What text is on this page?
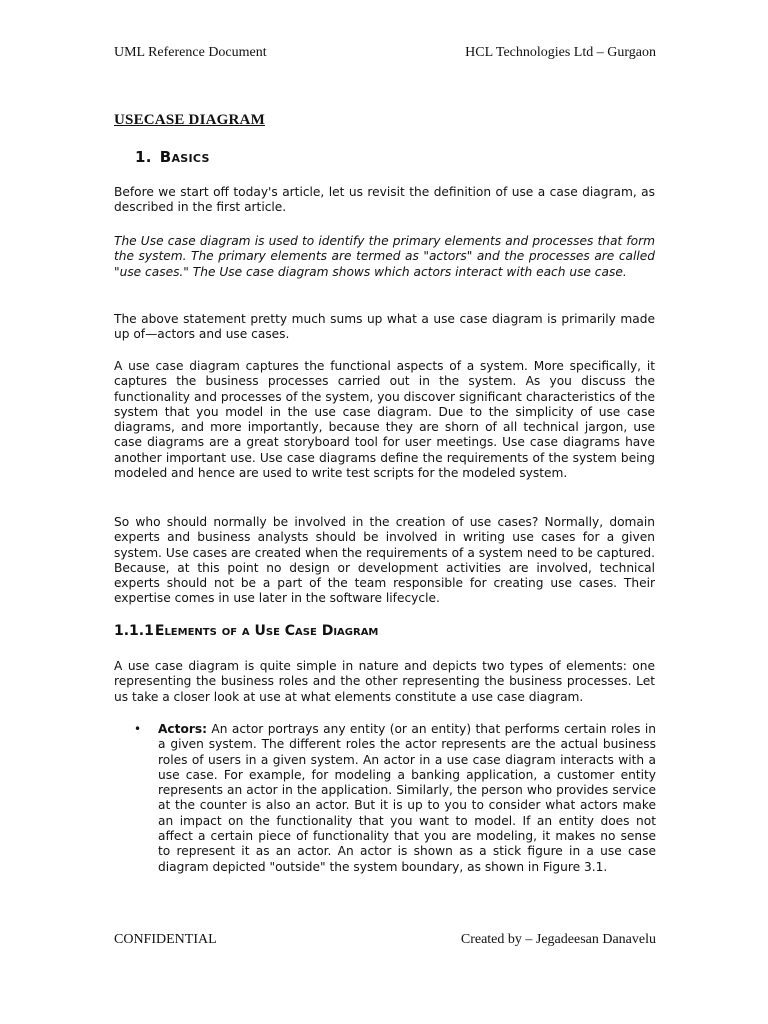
UML Reference Document	HCL Technologies Ltd – Gurgaon
USECASE DIAGRAM
1. Basics

Before we start off today's article, let us revisit the definition of use a case diagram, as described in the first article.

The Use case diagram is used to identify the primary elements and processes that form the system. The primary elements are termed as "actors" and the processes are called "use cases." The Use case diagram shows which actors interact with each use case.

The above statement pretty much sums up what a use case diagram is primarily made up of—actors and use cases.

A use case diagram captures the functional aspects of a system. More specifically, it captures the business processes carried out in the system. As you discuss the functionality and processes of the system, you discover significant characteristics of the system that you model in the use case diagram. Due to the simplicity of use case diagrams, and more importantly, because they are shorn of all technical jargon, use case diagrams are a great storyboard tool for user meetings. Use case diagrams have another important use. Use case diagrams define the requirements of the system being modeled and hence are used to write test scripts for the modeled system.

So who should normally be involved in the creation of use cases? Normally, domain experts and business analysts should be involved in writing use cases for a given system. Use cases are created when the requirements of a system need to be captured. Because, at this point no design or development activities are involved, technical experts should not be a part of the team responsible for creating use cases. Their expertise comes in use later in the software lifecycle.

1.1.1Elements of a Use Case Diagram

A use case diagram is quite simple in nature and depicts two types of elements: one representing the business roles and the other representing the business processes. Let us take a closer look at use at what elements constitute a use case diagram.

• Actors: An actor portrays any entity (or an entity) that performs certain roles in a given system. The different roles the actor represents are the actual business roles of users in a given system. An actor in a use case diagram interacts with a use case. For example, for modeling a banking application, a customer entity represents an actor in the application. Similarly, the person who provides service at the counter is also an actor. But it is up to you to consider what actors make an impact on the functionality that you want to model. If an entity does not affect a certain piece of functionality that you are modeling, it makes no sense to represent it as an actor. An actor is shown as a stick figure in a use case diagram depicted "outside" the system boundary, as shown in Figure 3.1.
CONFIDENTIAL	Created by – Jegadeesan Danavelu
